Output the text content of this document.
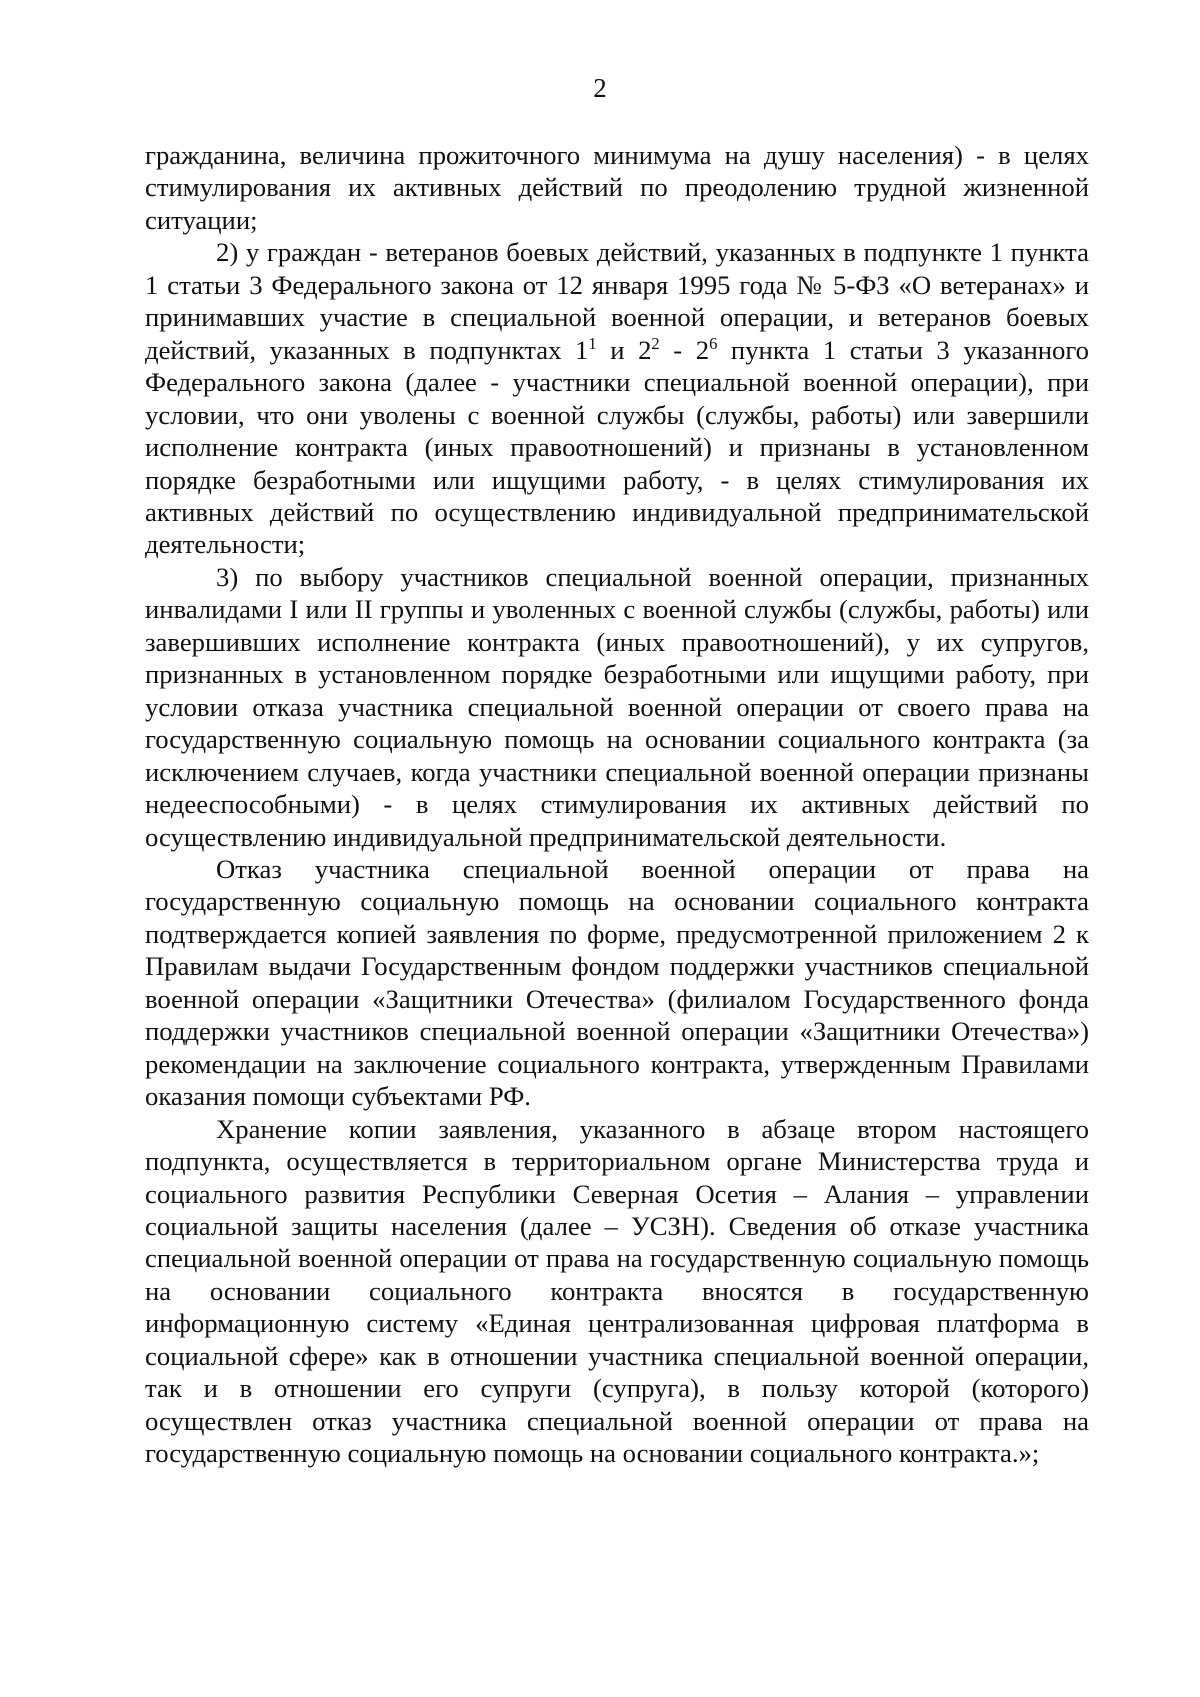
2

гражданина, величина прожиточного минимума на душу населения) - в целях стимулирования их активных действий по преодолению трудной жизненной ситуации;

2) у граждан - ветеранов боевых действий, указанных в подпункте 1 пункта 1 статьи 3 Федерального закона от 12 января 1995 года № 5-ФЗ «О ветеранах» и принимавших участие в специальной военной операции, и ветеранов боевых действий, указанных в подпунктах $1^1$ и $2^2 - 2^6$ пункта 1 статьи 3 указанного Федерального закона (далее - участники специальной военной операции), при условии, что они уволены с военной службы (службы, работы) или завершили исполнение контракта (иных правоотношений) и признаны в установленном порядке безработными или ищущими работу, - в целях стимулирования их активных действий по осуществлению индивидуальной предпринимательской деятельности;

3) по выбору участников специальной военной операции, признанных инвалидами I или II группы и уволенных с военной службы (службы, работы) или завершивших исполнение контракта (иных правоотношений), у их супругов, признанных в установленном порядке безработными или ищущими работу, при условии отказа участника специальной военной операции от своего права на государственную социальную помощь на основании социального контракта (за исключением случаев, когда участники специальной военной операции признаны недееспособными) - в целях стимулирования их активных действий по осуществлению индивидуальной предпринимательской деятельности.

Отказ участника специальной военной операции от права на государственную социальную помощь на основании социального контракта подтверждается копией заявления по форме, предусмотренной приложением 2 к Правилам выдачи Государственным фондом поддержки участников специальной военной операции «Защитники Отечества» (филиалом Государственного фонда поддержки участников специальной военной операции «Защитники Отечества») рекомендации на заключение социального контракта, утвержденным Правилами оказания помощи субъектами РФ.

Хранение копии заявления, указанного в абзаце втором настоящего подпункта, осуществляется в территориальном органе Министерства труда и социального развития Республики Северная Осетия – Алания – управлении социальной защиты населения (далее – УСЗН). Сведения об отказе участника специальной военной операции от права на государственную социальную помощь на основании социального контракта вносятся в государственную информационную систему «Единая централизованная цифровая платформа в социальной сфере» как в отношении участника специальной военной операции, так и в отношении его супруги (супруга), в пользу которой (которого) осуществлен отказ участника специальной военной операции от права на государственную социальную помощь на основании социального контракта.»;
